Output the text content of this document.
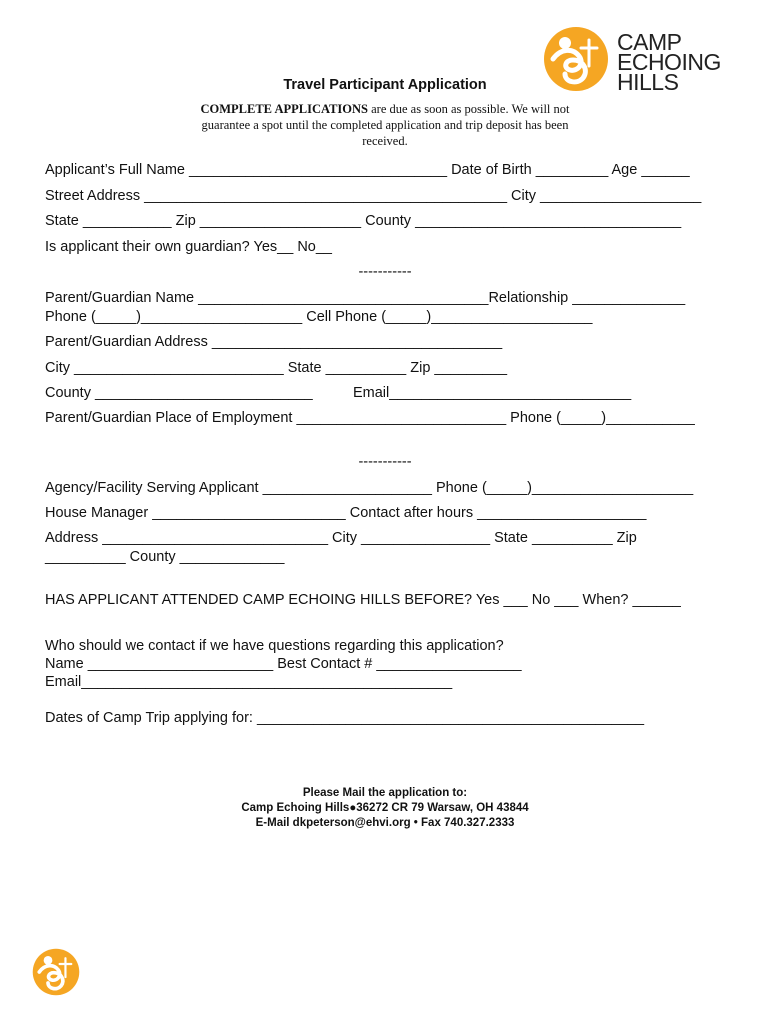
CAMP
ECHOING
HILLS
Travel Participant Application
COMPLETE APPLICATIONS are due as soon as possible. We will not
guarantee a spot until the completed application and trip deposit has been
received.
Applicant’s Full Name ________________________________ Date of Birth _________ Age ______
Street Address _____________________________________________ City ____________________
State ___________ Zip ____________________ County _________________________________
Is applicant their own guardian? Yes__ No__
-----------
Parent/Guardian Name ____________________________________Relationship ______________
Phone (_____)____________________ Cell Phone (_____)____________________
Parent/Guardian Address ____________________________________
City __________________________ State __________ Zip _________
County ___________________________          Email______________________________
Parent/Guardian Place of Employment __________________________ Phone (_____)___________
-----------
Agency/Facility Serving Applicant _____________________ Phone (_____)____________________
House Manager ________________________ Contact after hours _____________________
Address ____________________________ City ________________ State __________ Zip
__________ County _____________
HAS APPLICANT ATTENDED CAMP ECHOING HILLS BEFORE? Yes ___ No ___ When? ______
Who should we contact if we have questions regarding this application?
Name _______________________ Best Contact # __________________
Email______________________________________________
Dates of Camp Trip applying for: ________________________________________________
Please Mail the application to:
Camp Echoing Hills●36272 CR 79 Warsaw, OH 43844
E-Mail dkpeterson@ehvi.org • Fax 740.327.2333
